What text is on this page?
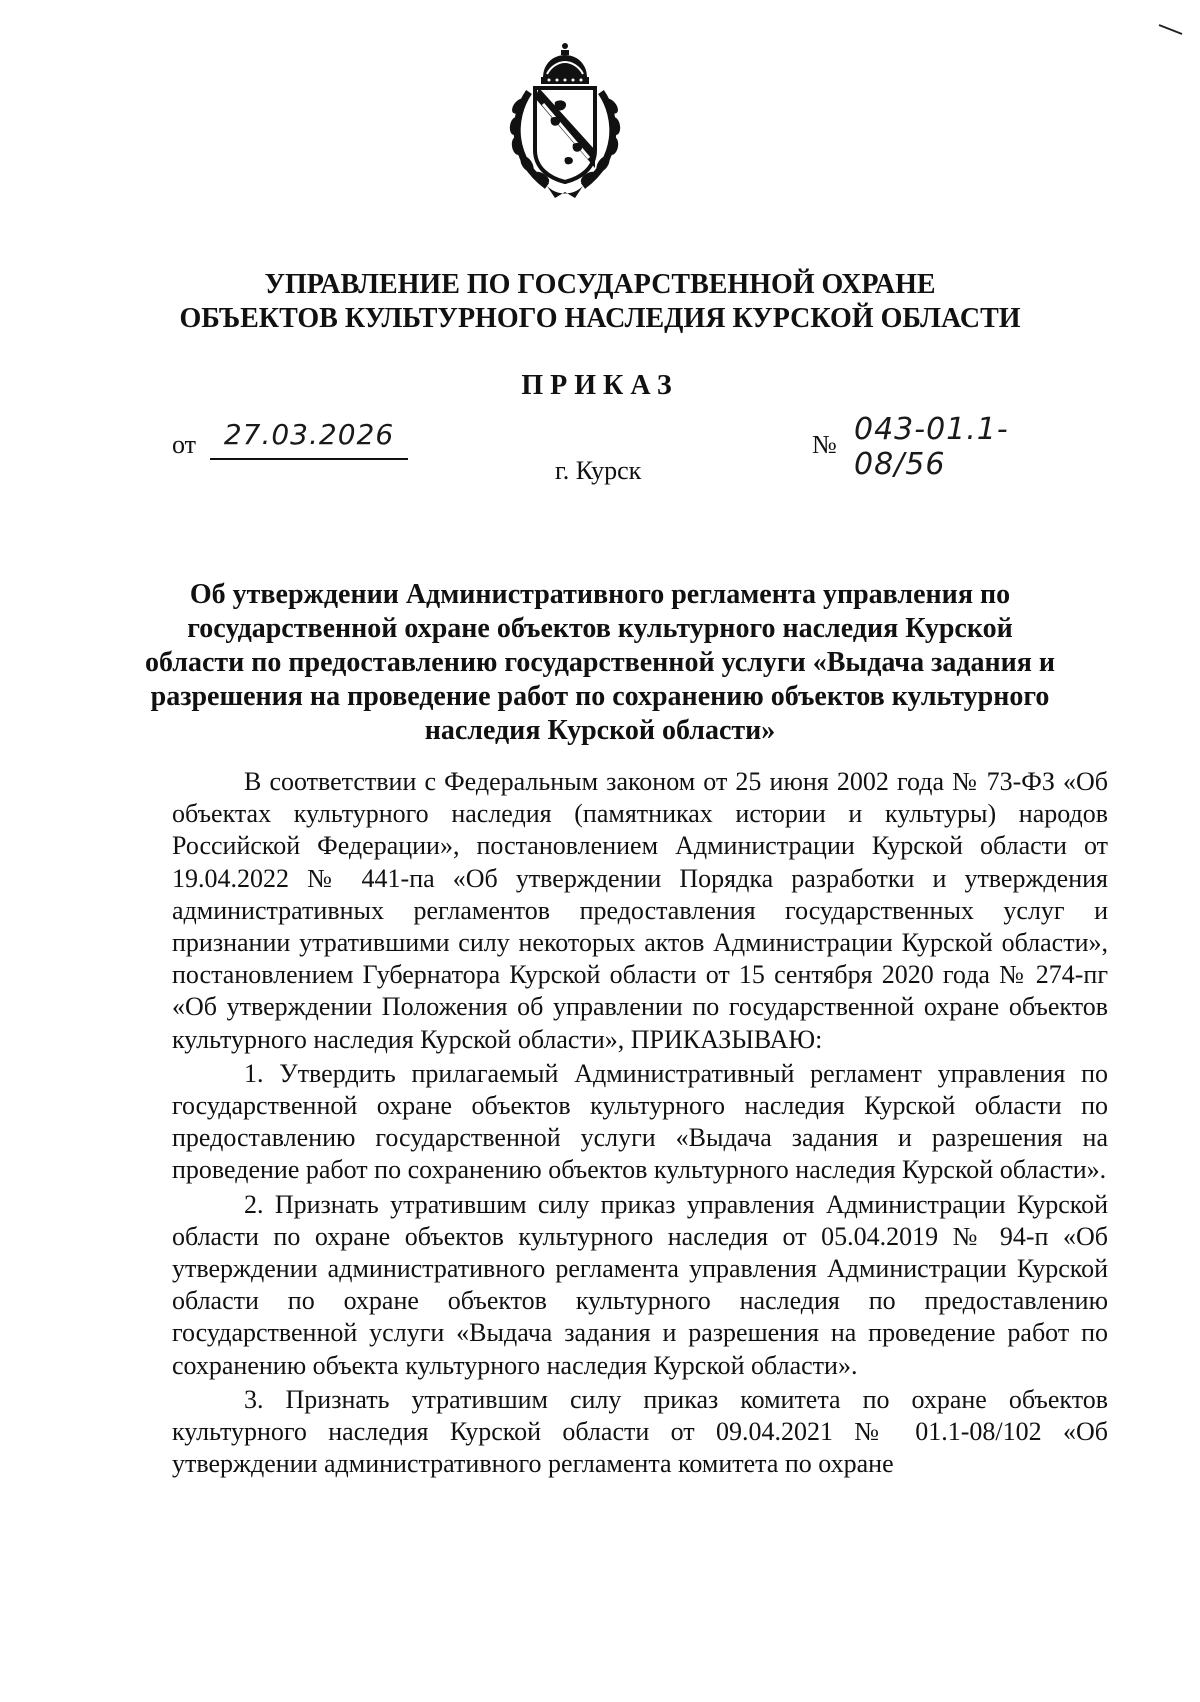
УПРАВЛЕНИЕ ПО ГОСУДАРСТВЕННОЙ ОХРАНЕ
ОБЪЕКТОВ КУЛЬТУРНОГО НАСЛЕДИЯ КУРСКОЙ ОБЛАСТИ
ПРИКАЗ
от 27.03.2026	№ 043-01.1-08/56
г. Курск
Об утверждении Административного регламента управления по государственной охране объектов культурного наследия Курской области по предоставлению государственной услуги «Выдача задания и разрешения на проведение работ по сохранению объектов культурного наследия Курской области»

В соответствии с Федеральным законом от 25 июня 2002 года № 73-ФЗ «Об объектах культурного наследия (памятниках истории и культуры) народов Российской Федерации», постановлением Администрации Курской области от 19.04.2022 № 441-па «Об утверждении Порядка разработки и утверждения административных регламентов предоставления государственных услуг и признании утратившими силу некоторых актов Администрации Курской области», постановлением Губернатора Курской области от 15 сентября 2020 года № 274-пг «Об утверждении Положения об управлении по государственной охране объектов культурного наследия Курской области», ПРИКАЗЫВАЮ:

1. Утвердить прилагаемый Административный регламент управления по государственной охране объектов культурного наследия Курской области по предоставлению государственной услуги «Выдача задания и разрешения на проведение работ по сохранению объектов культурного наследия Курской области».

2. Признать утратившим силу приказ управления Администрации Курской области по охране объектов культурного наследия от 05.04.2019 № 94-п «Об утверждении административного регламента управления Администрации Курской области по охране объектов культурного наследия по предоставлению государственной услуги «Выдача задания и разрешения на проведение работ по сохранению объекта культурного наследия Курской области».

3. Признать утратившим силу приказ комитета по охране объектов культурного наследия Курской области от 09.04.2021 № 01.1-08/102 «Об утверждении административного регламента комитета по охране
